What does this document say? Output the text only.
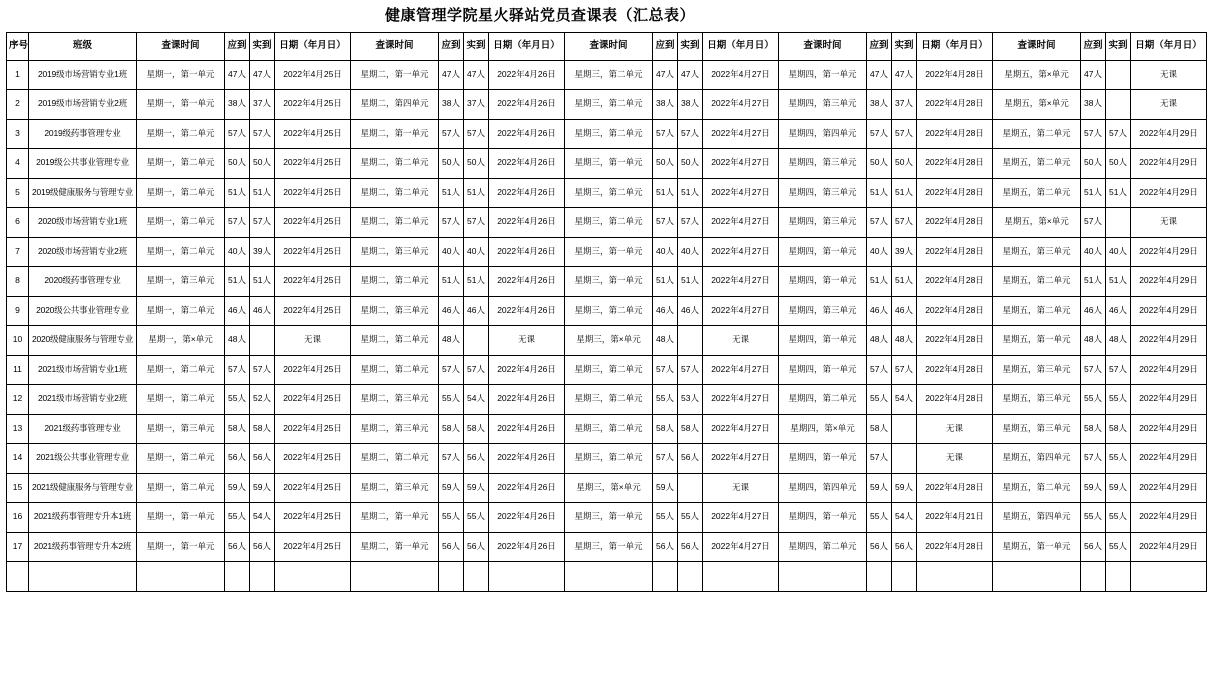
健康管理学院星火驿站党员查课表（汇总表）
序号	班级	查课时间	应到	实到	日期（年月日）	查课时间	应到	实到	日期（年月日）	查课时间	应到	实到	日期（年月日）	查课时间	应到	实到	日期（年月日）	查课时间	应到	实到	日期（年月日）
1	2019级市场营销专业1班	星期一，第一单元	47人	47人	2022年4月25日	星期二，第一单元	47人	47人	2022年4月26日	星期三，第二单元	47人	47人	2022年4月27日	星期四，第一单元	47人	47人	2022年4月28日	星期五，第×单元	47人		无课
2	2019级市场营销专业2班	星期一，第一单元	38人	37人	2022年4月25日	星期二，第四单元	38人	37人	2022年4月26日	星期三，第二单元	38人	38人	2022年4月27日	星期四，第三单元	38人	37人	2022年4月28日	星期五，第×单元	38人		无课
3	2019级药事管理专业	星期一，第二单元	57人	57人	2022年4月25日	星期二，第一单元	57人	57人	2022年4月26日	星期三，第二单元	57人	57人	2022年4月27日	星期四，第四单元	57人	57人	2022年4月28日	星期五，第二单元	57人	57人	2022年4月29日
4	2019级公共事业管理专业	星期一，第二单元	50人	50人	2022年4月25日	星期二，第二单元	50人	50人	2022年4月26日	星期三，第一单元	50人	50人	2022年4月27日	星期四，第三单元	50人	50人	2022年4月28日	星期五，第二单元	50人	50人	2022年4月29日
5	2019级健康服务与管理专业	星期一，第二单元	51人	51人	2022年4月25日	星期二，第二单元	51人	51人	2022年4月26日	星期三，第二单元	51人	51人	2022年4月27日	星期四，第三单元	51人	51人	2022年4月28日	星期五，第二单元	51人	51人	2022年4月29日
6	2020级市场营销专业1班	星期一，第二单元	57人	57人	2022年4月25日	星期二，第二单元	57人	57人	2022年4月26日	星期三，第二单元	57人	57人	2022年4月27日	星期四，第三单元	57人	57人	2022年4月28日	星期五，第×单元	57人		无课
7	2020级市场营销专业2班	星期一，第二单元	40人	39人	2022年4月25日	星期二，第三单元	40人	40人	2022年4月26日	星期三，第一单元	40人	40人	2022年4月27日	星期四，第一单元	40人	39人	2022年4月28日	星期五，第三单元	40人	40人	2022年4月29日
8	2020级药事管理专业	星期一，第三单元	51人	51人	2022年4月25日	星期二，第二单元	51人	51人	2022年4月26日	星期三，第一单元	51人	51人	2022年4月27日	星期四，第一单元	51人	51人	2022年4月28日	星期五，第二单元	51人	51人	2022年4月29日
9	2020级公共事业管理专业	星期一，第二单元	46人	46人	2022年4月25日	星期二，第三单元	46人	46人	2022年4月26日	星期三，第二单元	46人	46人	2022年4月27日	星期四，第三单元	46人	46人	2022年4月28日	星期五，第二单元	46人	46人	2022年4月29日
10	2020级健康服务与管理专业	星期一，第×单元	48人		无课	星期二，第二单元	48人		无课	星期三，第×单元	48人		无课	星期四，第一单元	48人	48人	2022年4月28日	星期五，第一单元	48人	48人	2022年4月29日
11	2021级市场营销专业1班	星期一，第二单元	57人	57人	2022年4月25日	星期二，第二单元	57人	57人	2022年4月26日	星期三，第二单元	57人	57人	2022年4月27日	星期四，第一单元	57人	57人	2022年4月28日	星期五，第三单元	57人	57人	2022年4月29日
12	2021级市场营销专业2班	星期一，第二单元	55人	52人	2022年4月25日	星期二，第三单元	55人	54人	2022年4月26日	星期三，第二单元	55人	53人	2022年4月27日	星期四，第二单元	55人	54人	2022年4月28日	星期五，第三单元	55人	55人	2022年4月29日
13	2021级药事管理专业	星期一，第三单元	58人	58人	2022年4月25日	星期二，第三单元	58人	58人	2022年4月26日	星期三，第二单元	58人	58人	2022年4月27日	星期四，第×单元	58人		无课	星期五，第三单元	58人	58人	2022年4月29日
14	2021级公共事业管理专业	星期一，第二单元	56人	56人	2022年4月25日	星期二，第二单元	57人	56人	2022年4月26日	星期三，第二单元	57人	56人	2022年4月27日	星期四，第一单元	57人		无课	星期五，第四单元	57人	55人	2022年4月29日
15	2021级健康服务与管理专业	星期一，第二单元	59人	59人	2022年4月25日	星期二，第三单元	59人	59人	2022年4月26日	星期三，第×单元	59人		无课	星期四，第四单元	59人	59人	2022年4月28日	星期五，第二单元	59人	59人	2022年4月29日
16	2021级药事管理专升本1班	星期一，第一单元	55人	54人	2022年4月25日	星期二，第一单元	55人	55人	2022年4月26日	星期三，第一单元	55人	55人	2022年4月27日	星期四，第一单元	55人	54人	2022年4月21日	星期五，第四单元	55人	55人	2022年4月29日
17	2021级药事管理专升本2班	星期一，第一单元	56人	56人	2022年4月25日	星期二，第一单元	56人	56人	2022年4月26日	星期三，第一单元	56人	56人	2022年4月27日	星期四，第二单元	56人	56人	2022年4月28日	星期五，第一单元	56人	55人	2022年4月29日
